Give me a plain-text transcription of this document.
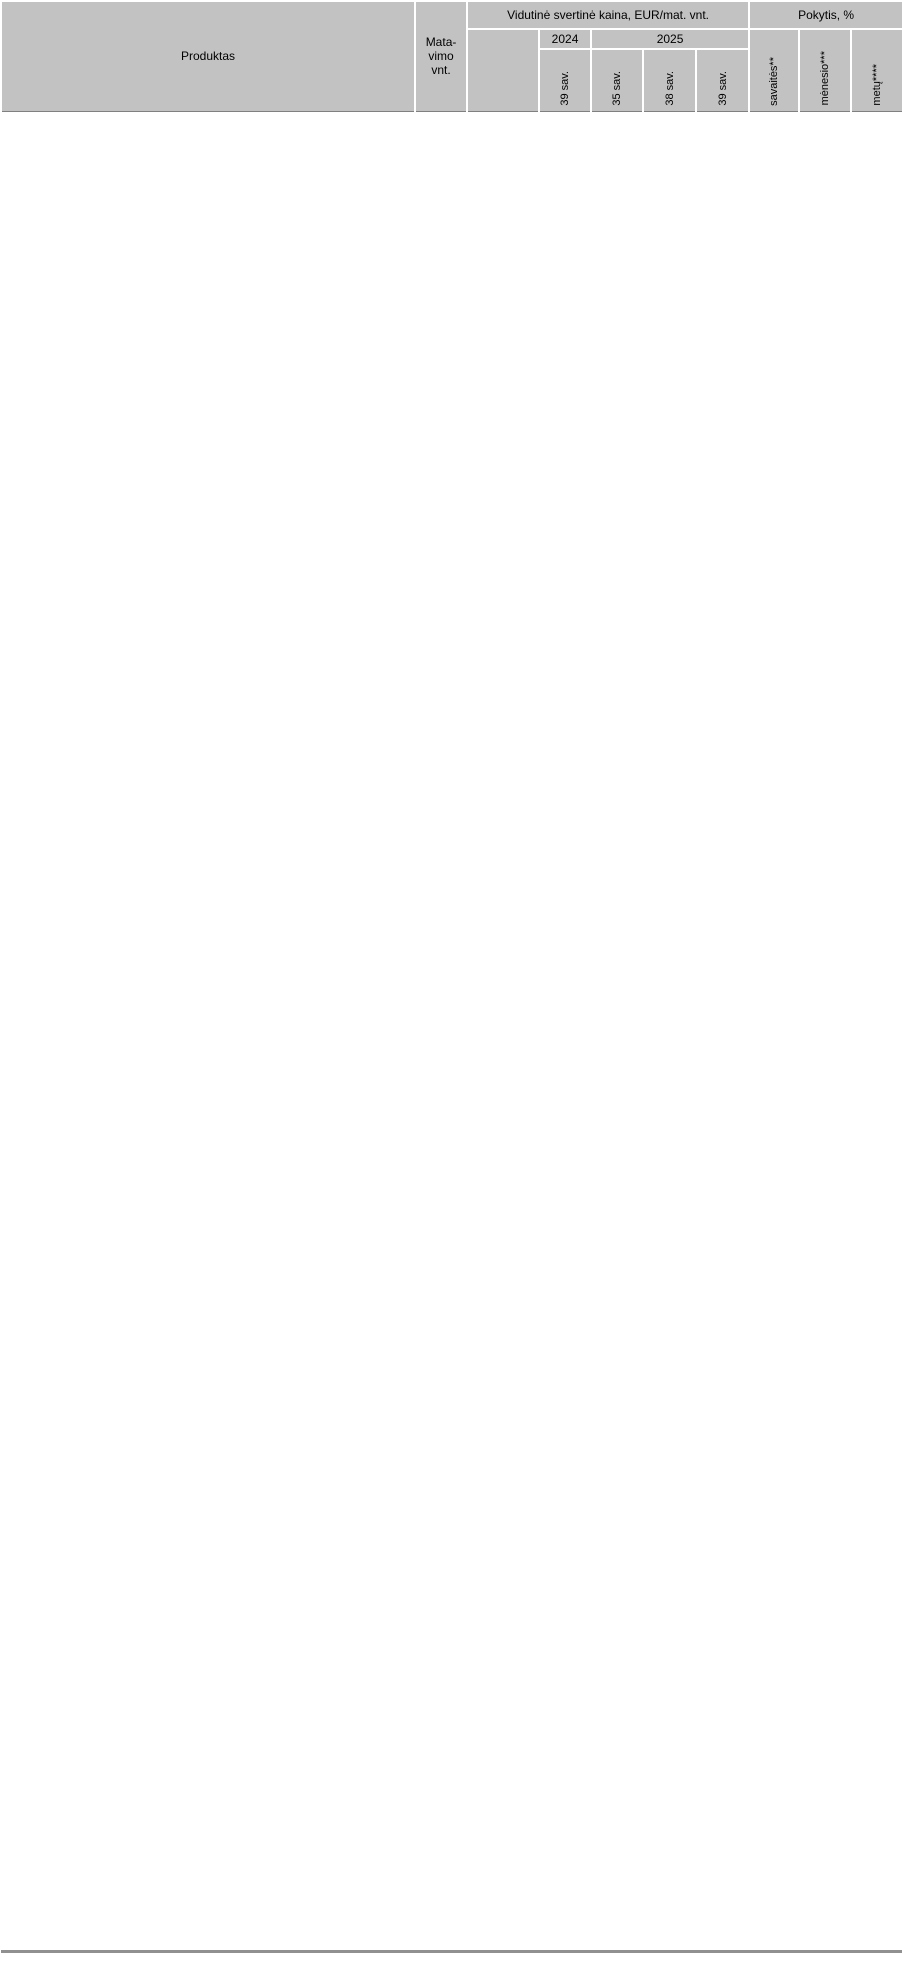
Produktas	Mata-vimo vnt.	Vidutinė svertinė kaina, EUR/mat. vnt.					Pokytis, %		
			2024	2025			savaitės**	mėnesio***	metų****
			39 sav.	35 sav.	38 sav.	39 sav.			
